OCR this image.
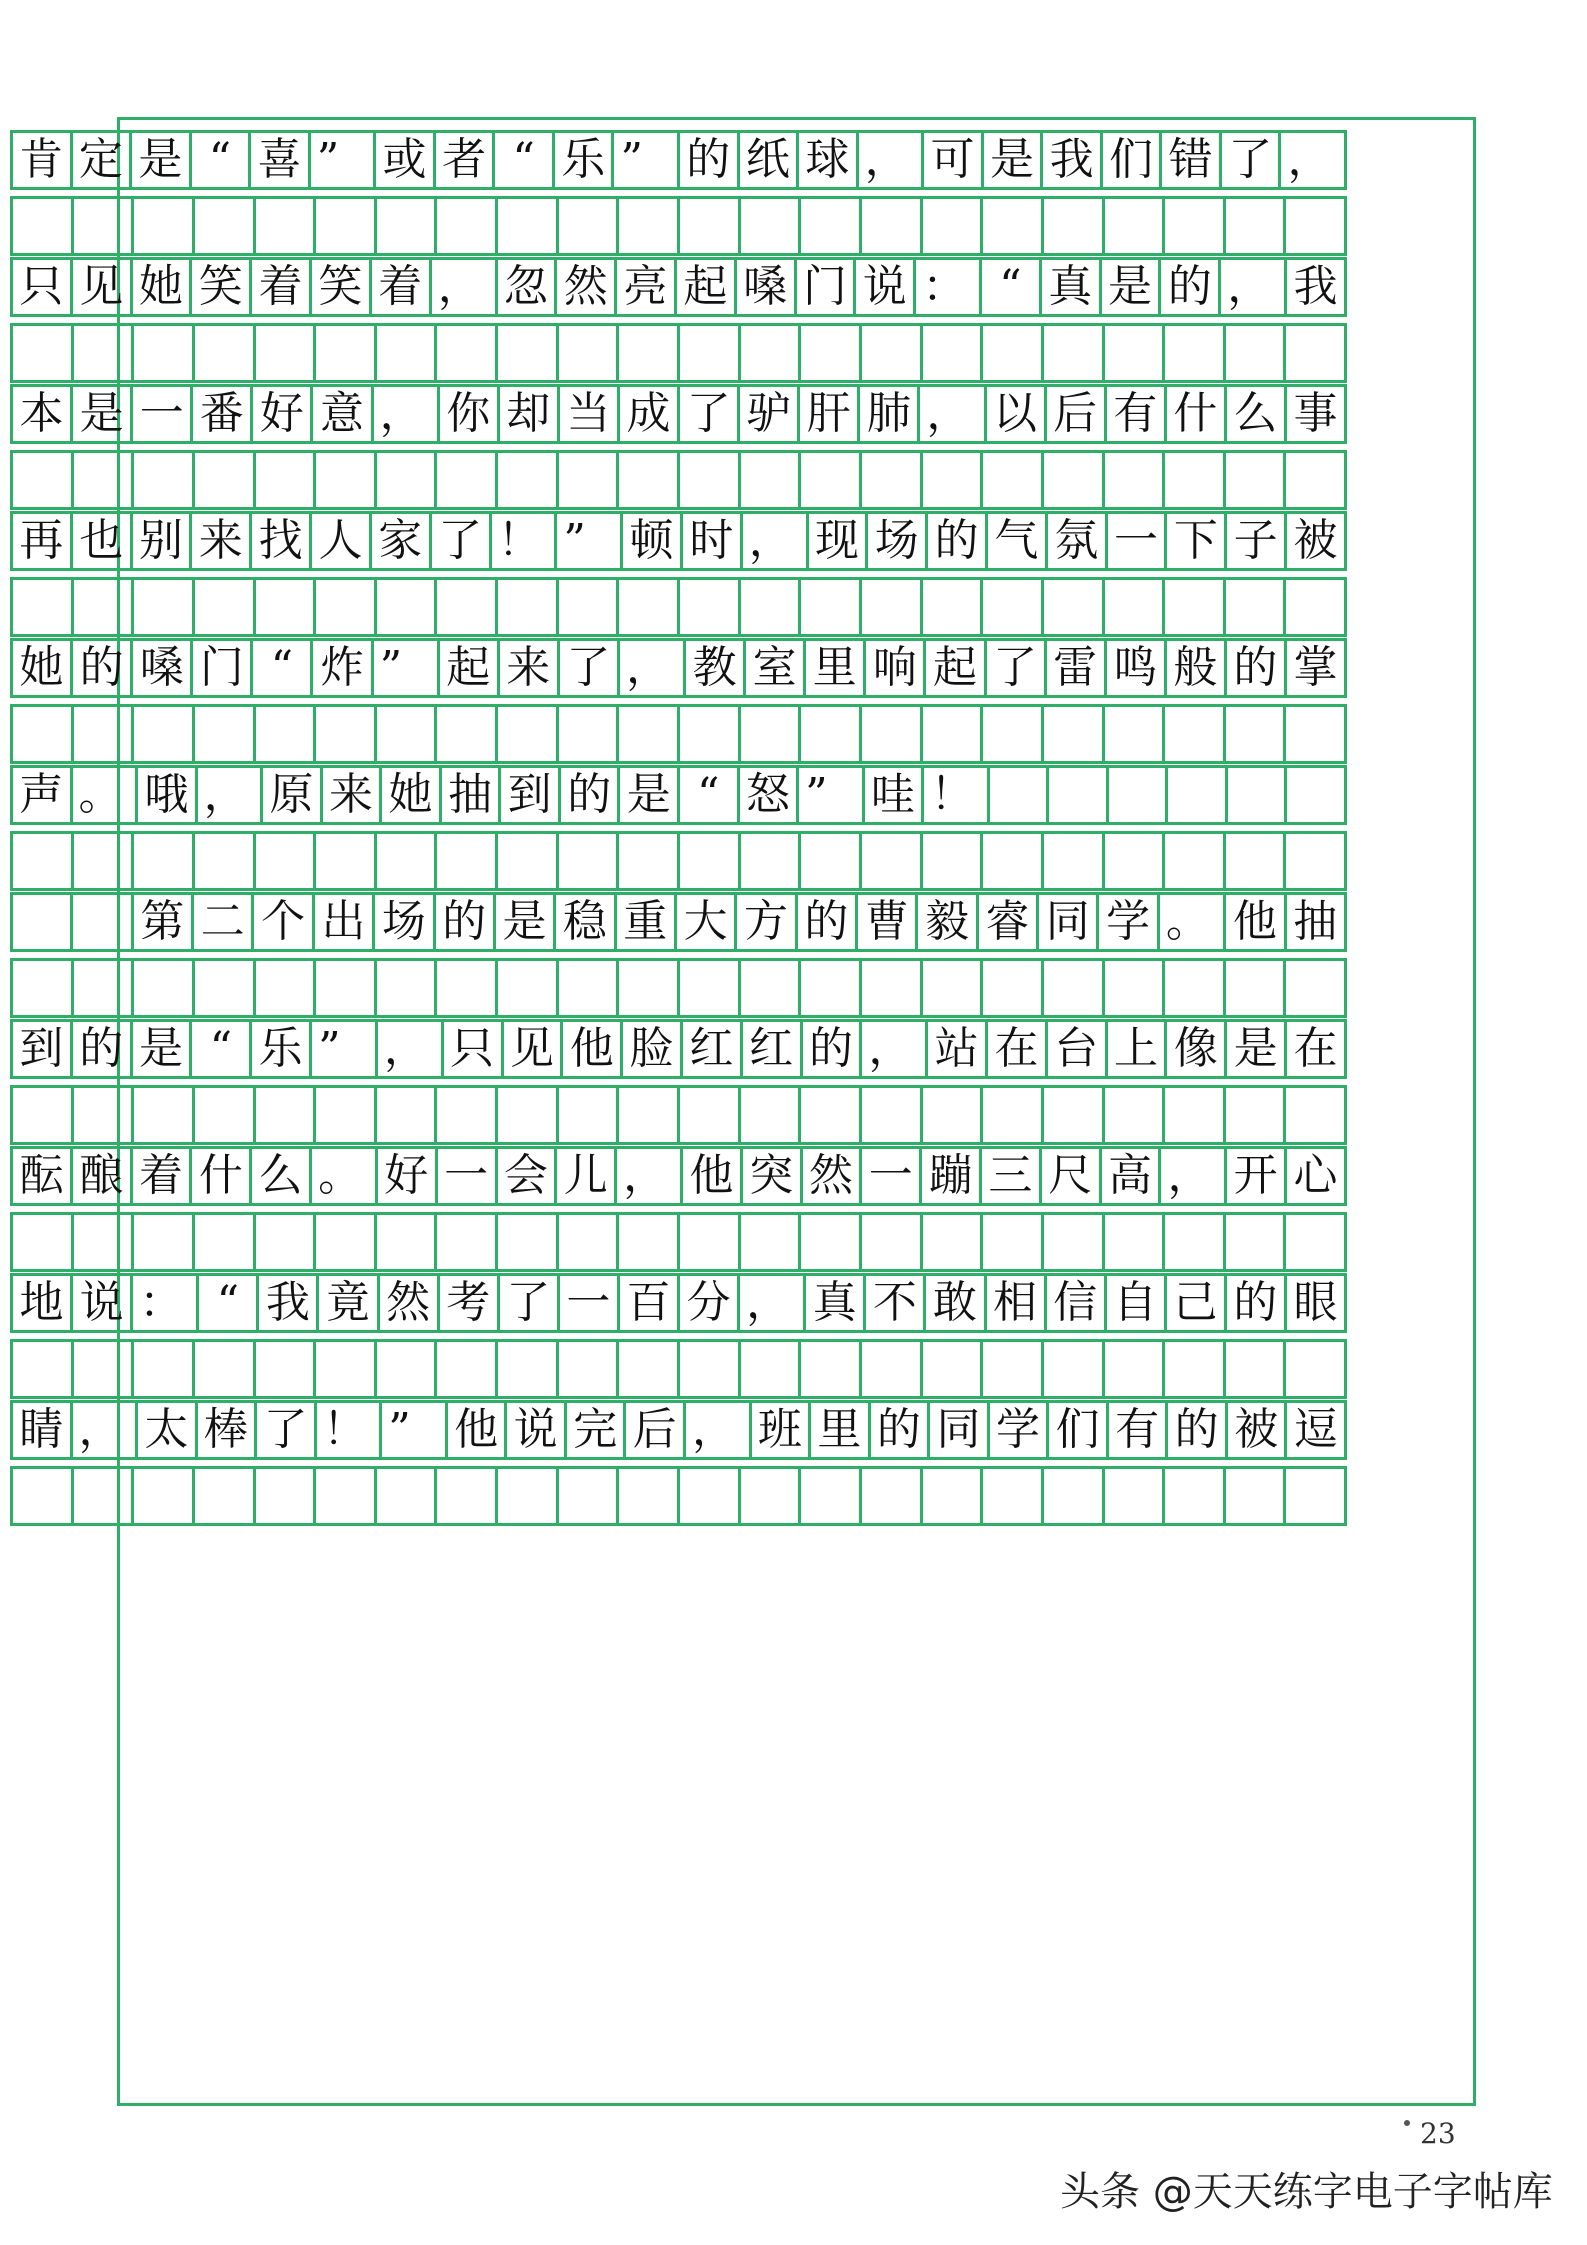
肯 定 是 “ 喜 ” 或 者 “ 乐 ” 的 纸 球 ， 可 是 我 们 错 了 ，
只 见 她 笑 着 笑 着 ， 忽 然 亮 起 嗓 门 说 ： “ 真 是 的 ， 我
本 是 一 番 好 意 ， 你 却 当 成 了 驴 肝 肺 ， 以 后 有 什 么 事
再 也 别 来 找 人 家 了 ！ ” 顿 时 ， 现 场 的 气 氛 一 下 子 被
她 的 嗓 门 “ 炸 ”	起 来 了 ， 教 室 里 响 起 了 雷 鸣 般 的 掌
声 。 哦 ， 原 来 她 抽 到 的 是 “ 怒 ” 哇 ！
第 二 个 出 场 的 是 稳 重 大 方 的 曹 毅 睿 同 学 。 他 抽
到 的 是 “ 乐 ” ， 只 见 他 脸 红 红 的 ， 站 在 台 上 像 是 在
酝 酿 着 什 么 。 好 一 会 儿 ， 他 突 然 一 蹦 三 尺 高 ， 开 心
地 说 ： “ 我 竟 然 考 了 一 百 分 ， 真 不 敢 相 信 自 己 的 眼
睛 ， 太 棒 了 ！ ” 他 说 完 后 ， 班 里 的 同 学 们 有 的 被 逗
23
头条 @天天练字电子字帖库
